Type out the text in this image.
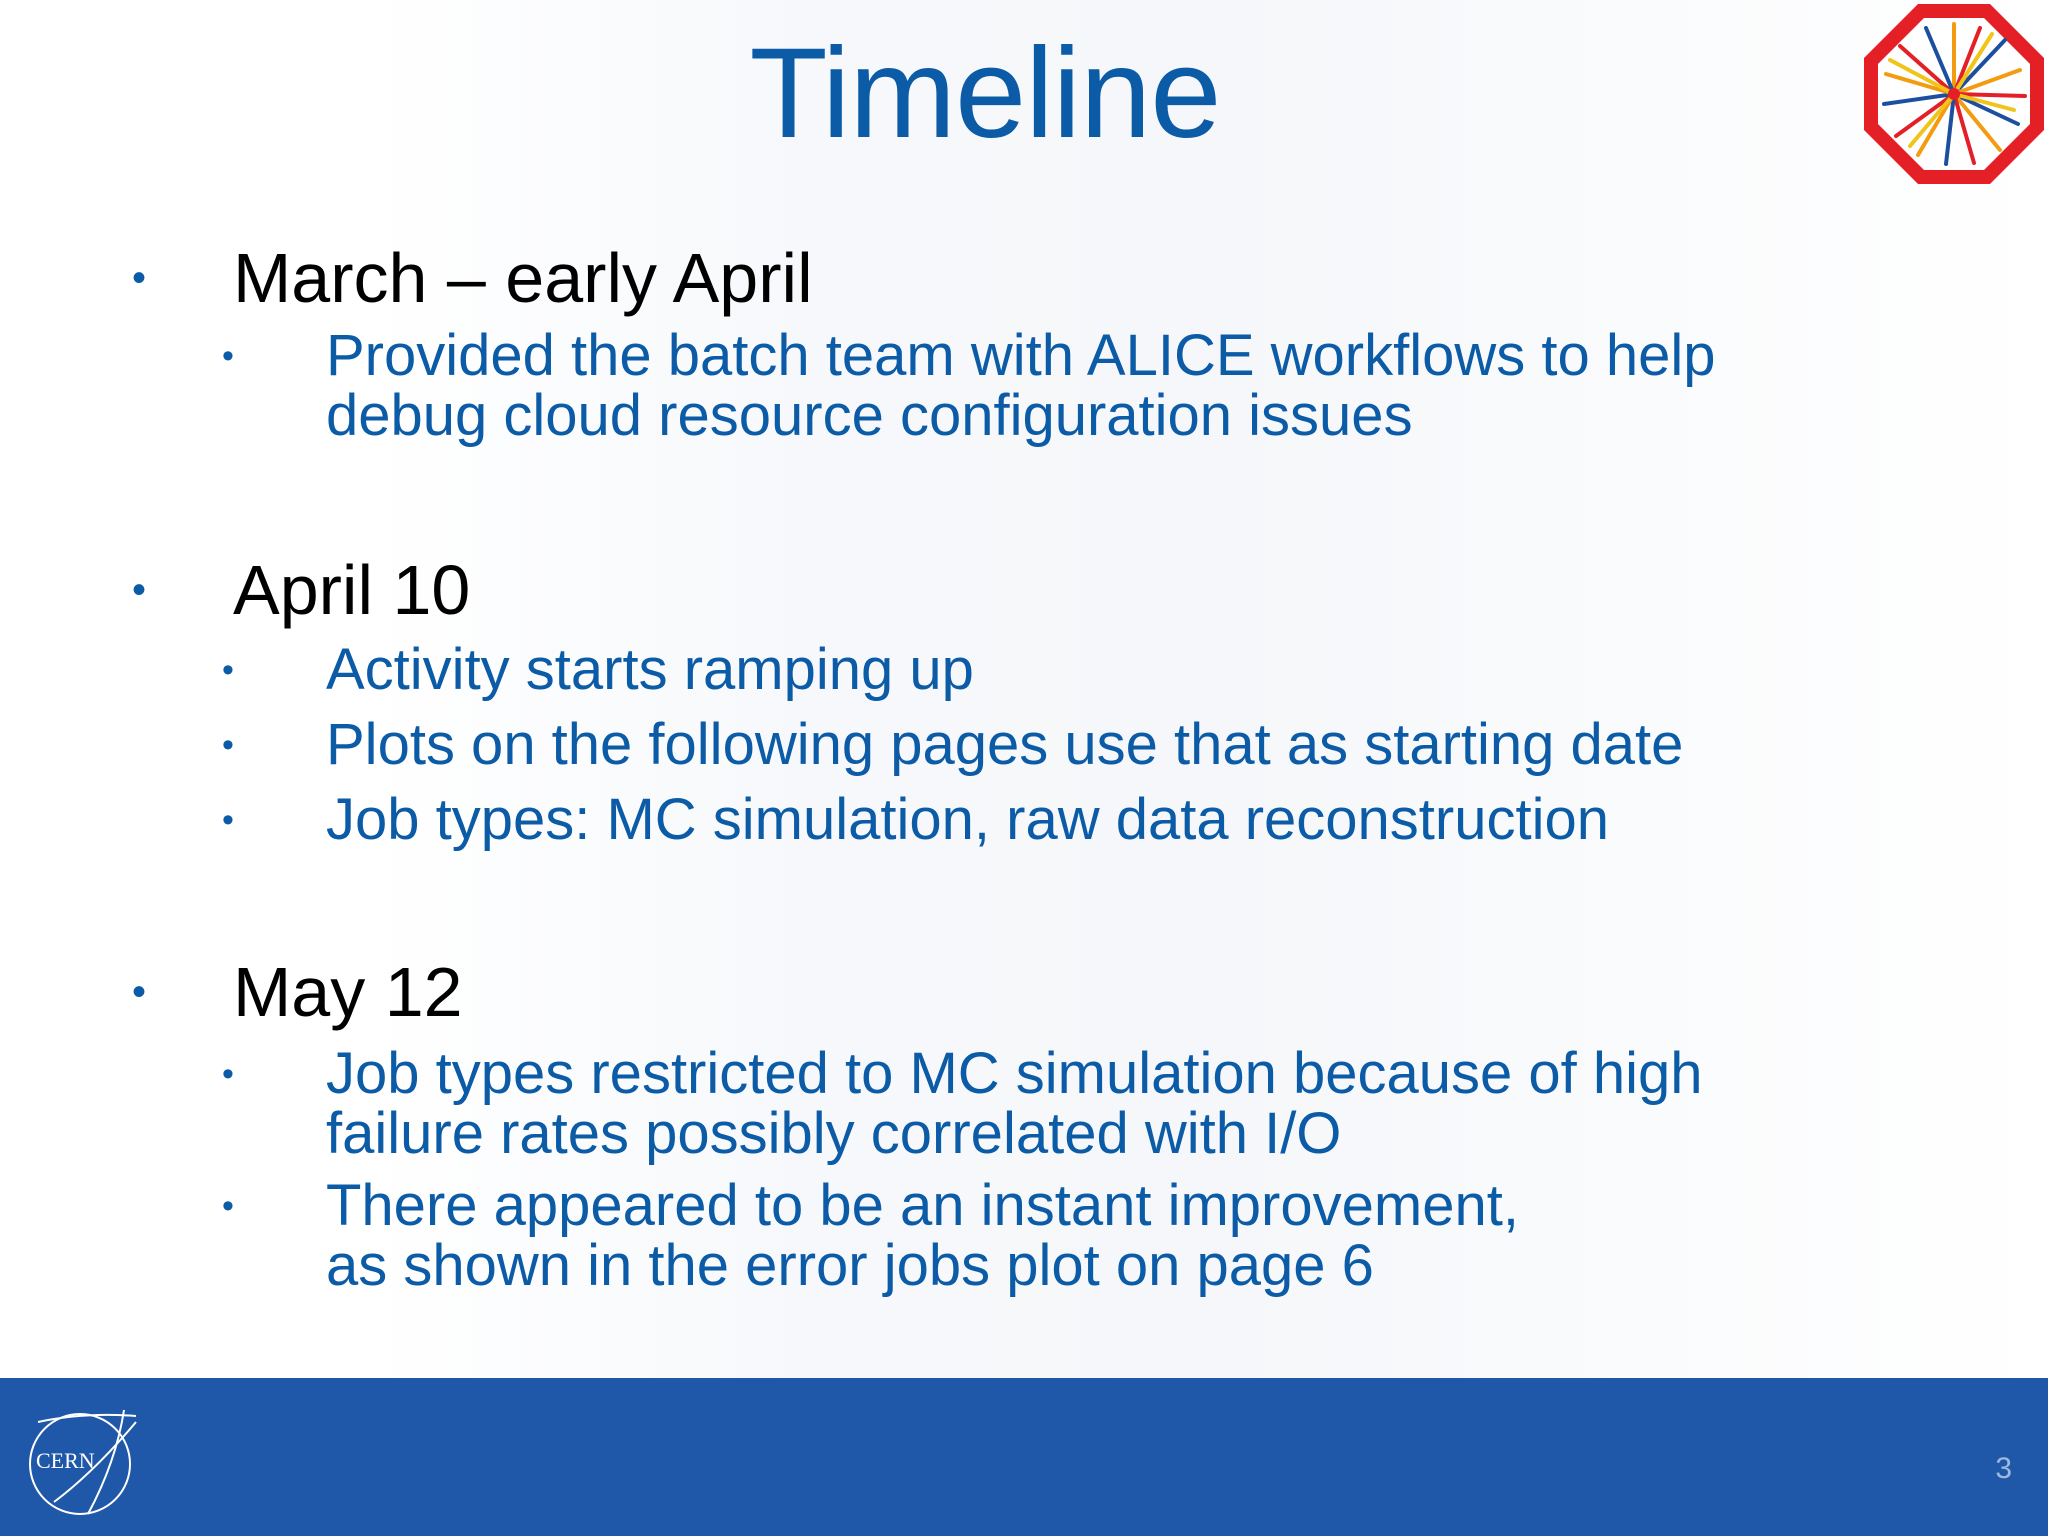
Timeline
• March – early April
• Provided the batch team with ALICE workflows to help
debug cloud resource configuration issues
• April 10
• Activity starts ramping up
• Plots on the following pages use that as starting date
• Job types: MC simulation, raw data reconstruction
• May 12
• Job types restricted to MC simulation because of high
failure rates possibly correlated with I/O
• There appeared to be an instant improvement,
as shown in the error jobs plot on page 6
CERN	3
